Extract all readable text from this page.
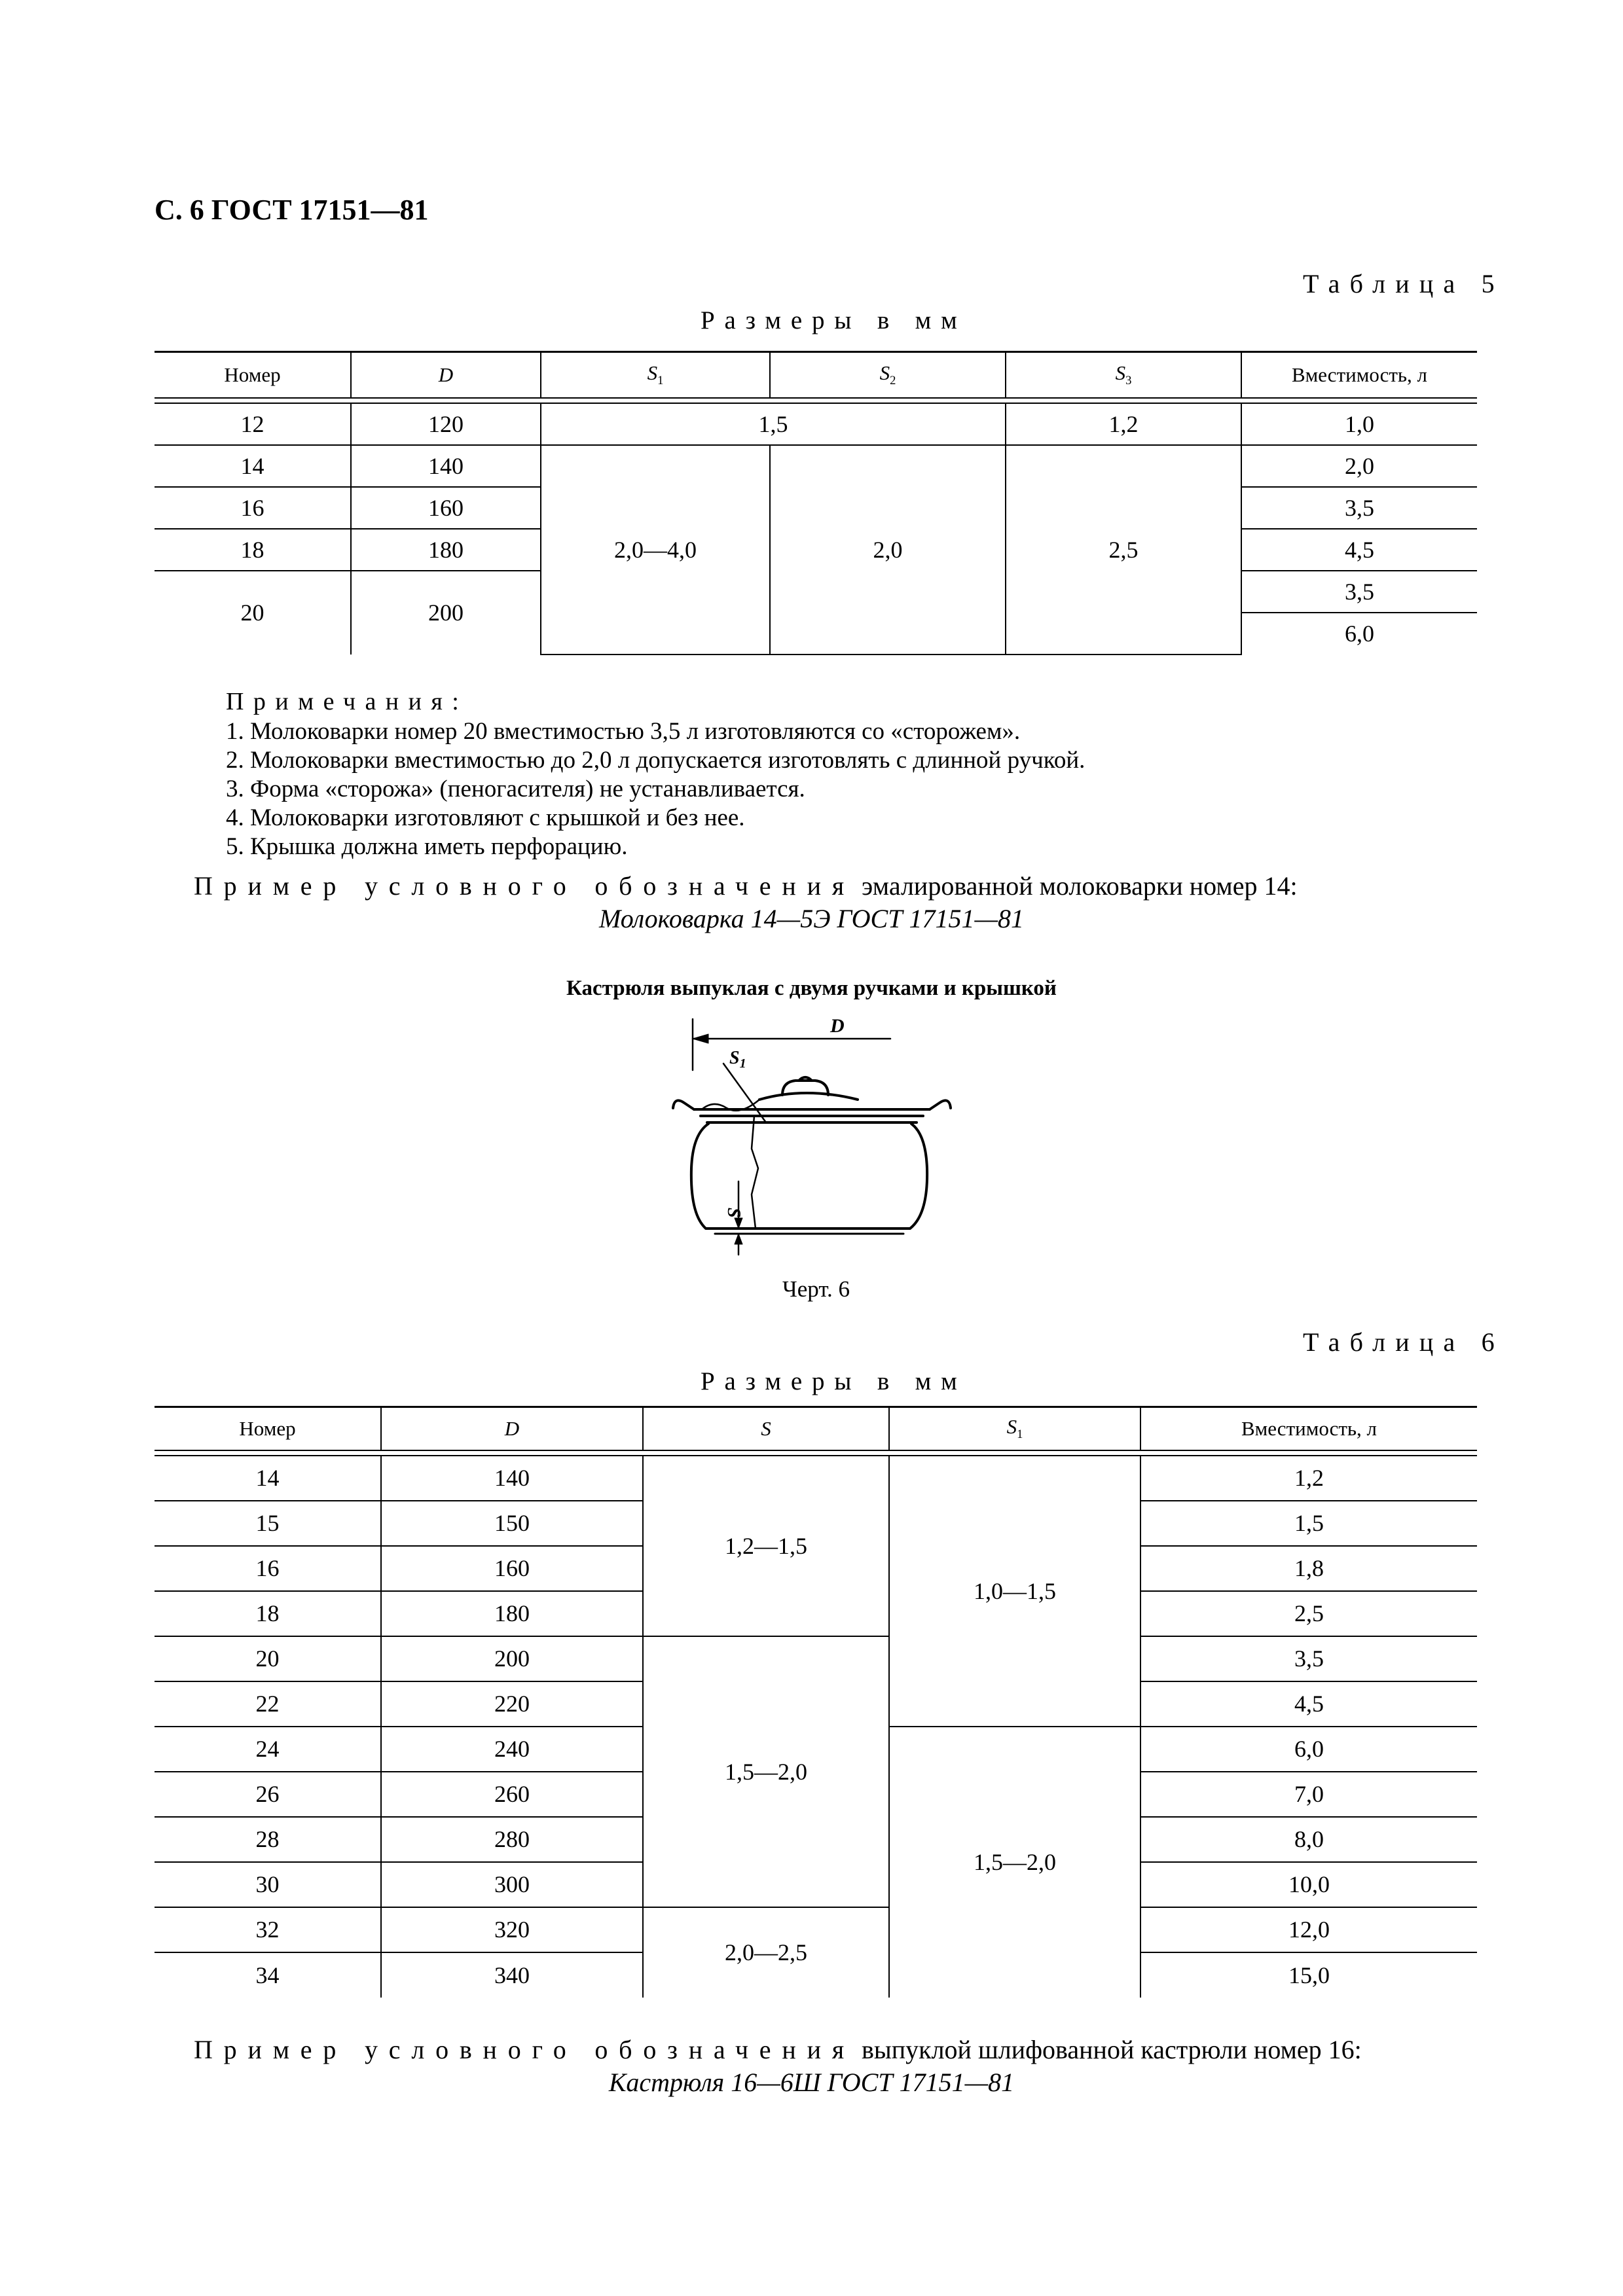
С. 6 ГОСТ 17151—81
Таблица 5
Размеры в мм
Номер	D	$S_1$	$S_2$	$S_3$	Вместимость, л

12	120	1,5		1,2	1,0
14	140	2,0—4,0	2,0	2,5	2,0
16	160				3,5
18	180				4,5
20	200				3,5
					6,0
Примечания:
1. Молоковарки номер 20 вместимостью 3,5 л изготовляются со «сторожем».
2. Молоковарки вместимостью до 2,0 л допускается изготовлять с длинной ручкой.
3. Форма «сторожа» (пеногасителя) не устанавливается.
4. Молоковарки изготовляют с крышкой и без нее.
5. Крышка должна иметь перфорацию.
Пример условного обозначения эмалированной молоковарки номер 14:
Молоковарка 14—5Э ГОСТ 17151—81
Кастрюля выпуклая с двумя ручками и крышкой
D
$S_1$
S
Черт. 6
Таблица 6
Размеры в мм
Номер	D	S	$S_1$	Вместимость, л

14	140	1,2—1,5	1,0—1,5	1,2
15	150			1,5
16	160			1,8
18	180			2,5
20	200	1,5—2,0		3,5
22	220			4,5
24	240		1,5—2,0	6,0
26	260			7,0
28	280			8,0
30	300			10,0
32	320	2,0—2,5		12,0
34	340			15,0
Пример условного обозначения выпуклой шлифованной кастрюли номер 16:
Кастрюля 16—6Ш ГОСТ 17151—81
